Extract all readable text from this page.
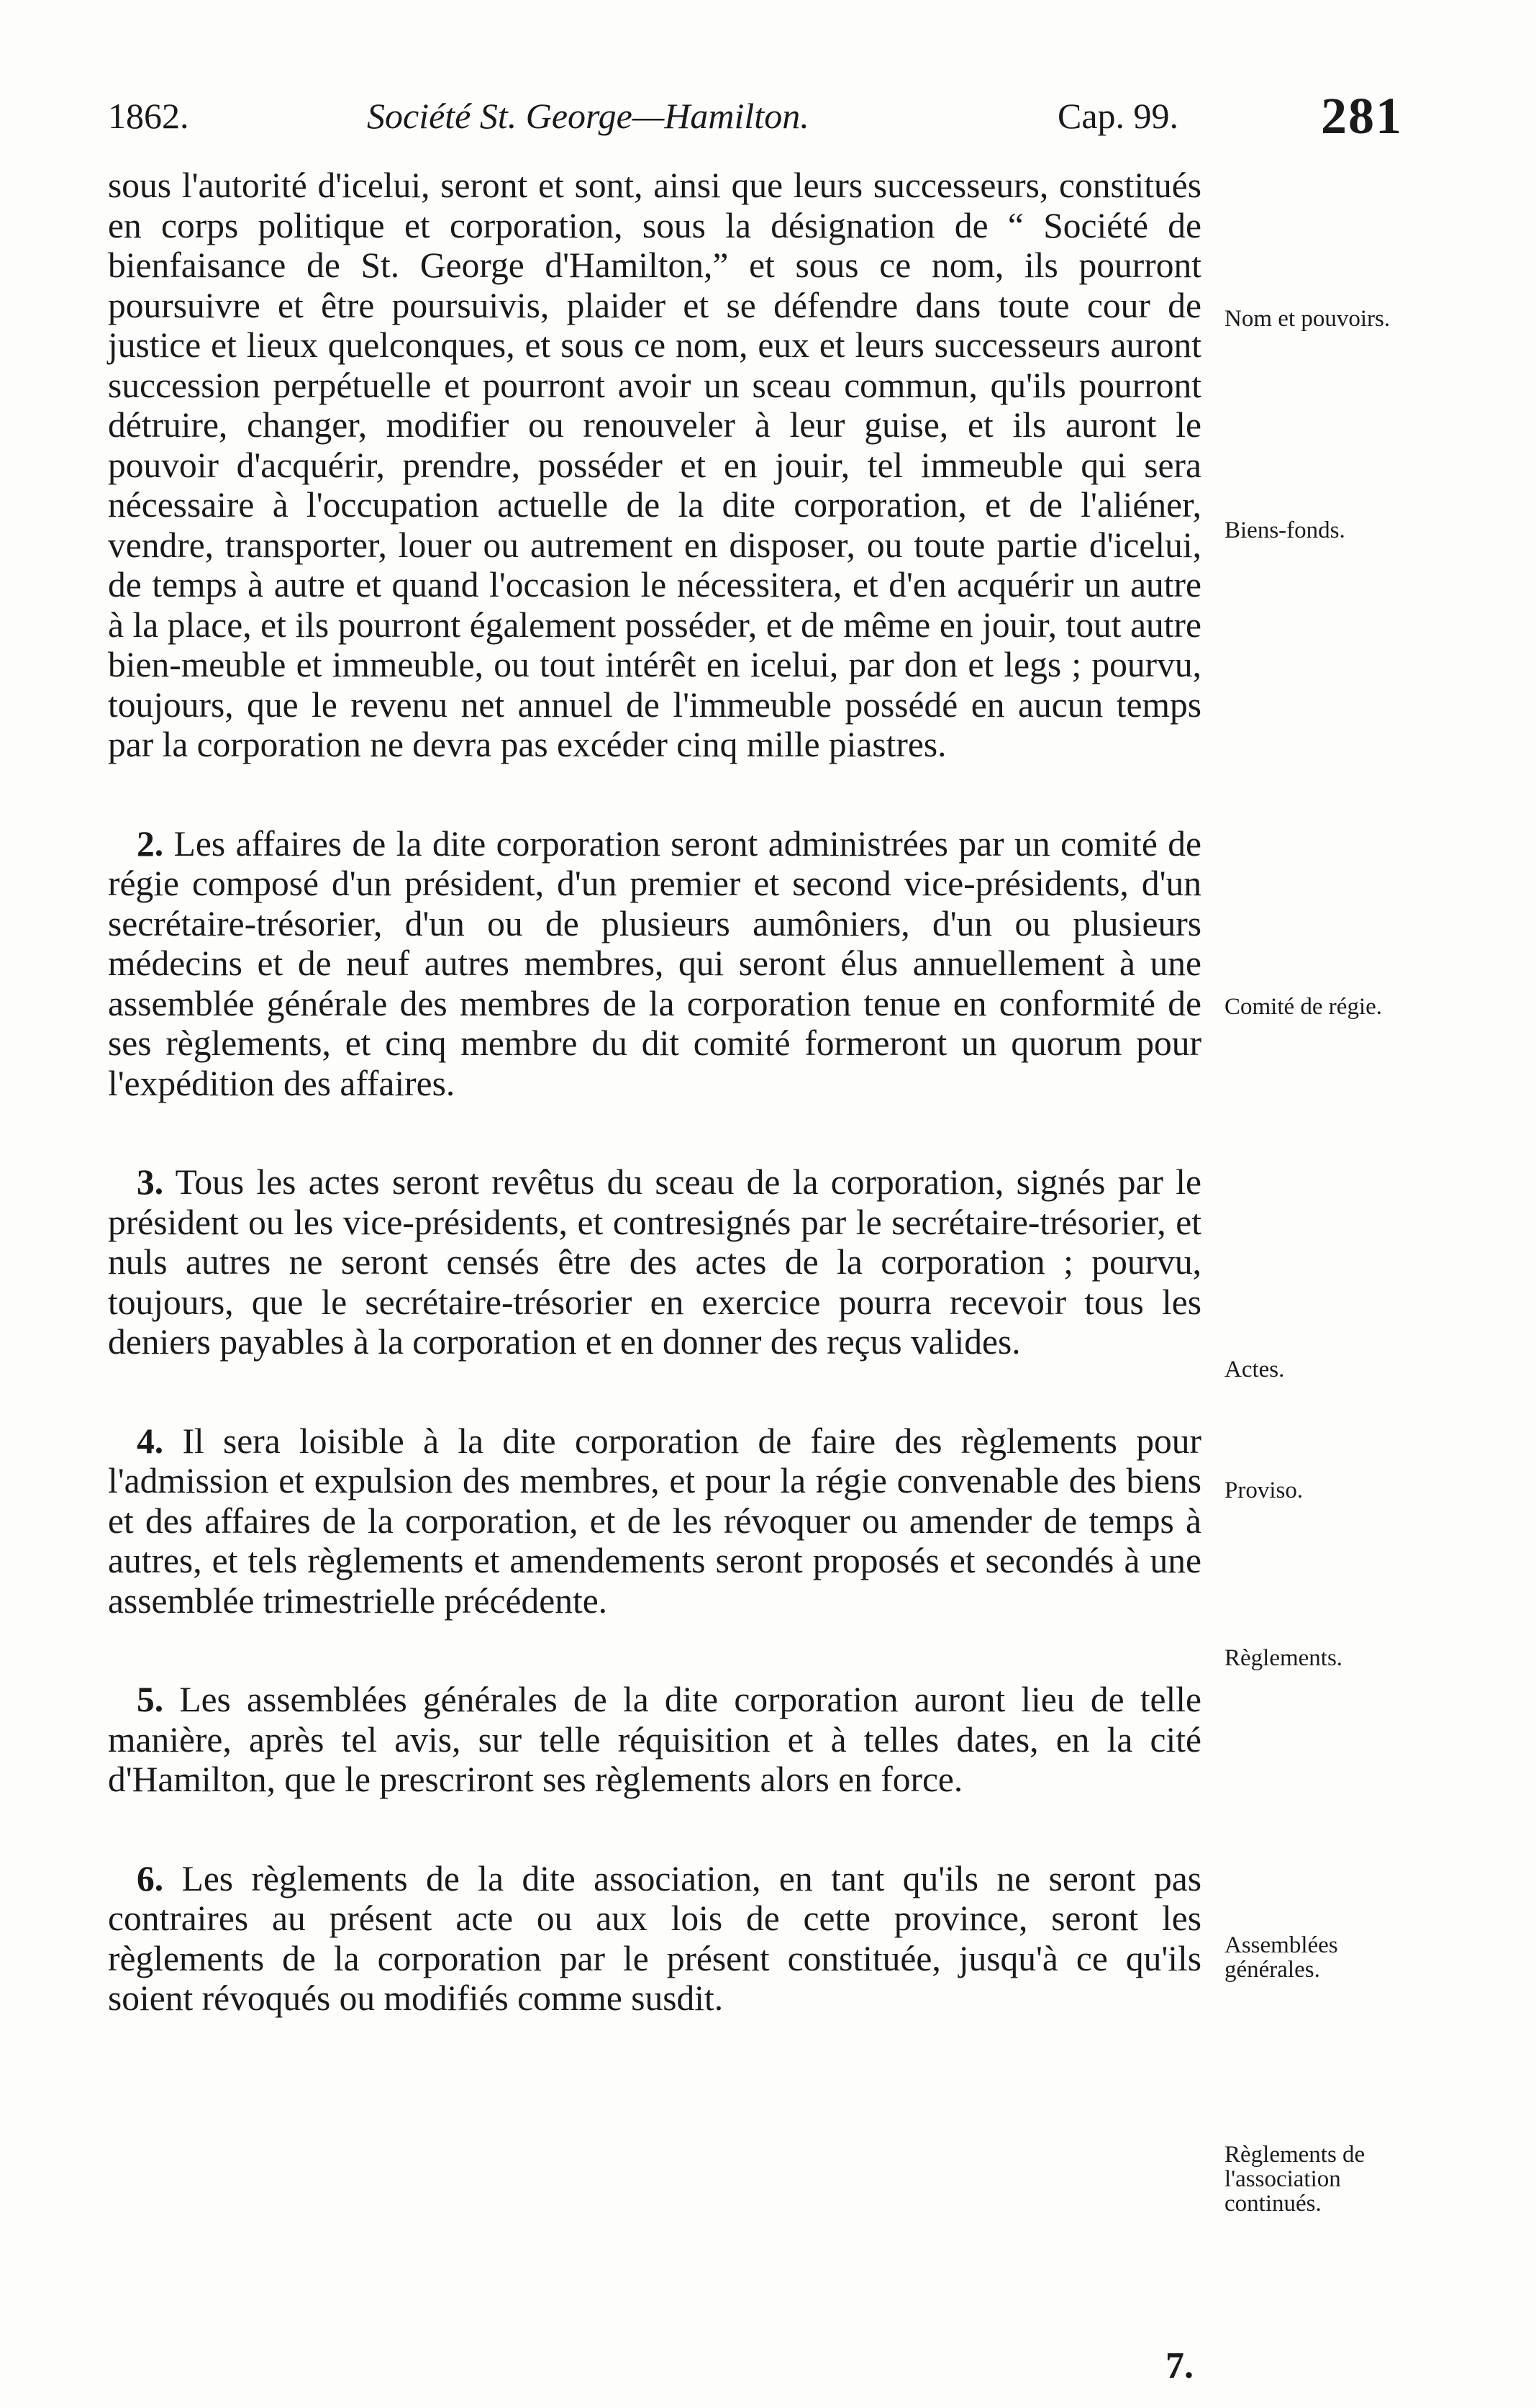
1862.	Société St. George—Hamilton.	Cap. 99.	281

sous l'autorité d'icelui, seront et sont, ainsi que leurs successeurs, constitués en corps politique et corporation, sous la désignation de “ Société de bienfaisance de St. George d'Hamilton,” et sous ce nom, ils pourront poursuivre et être poursuivis, plaider et se défendre dans toute cour de justice et lieux quelconques, et sous ce nom, eux et leurs successeurs auront succession perpétuelle et pourront avoir un sceau commun, qu'ils pourront détruire, changer, modifier ou renouveler à leur guise, et ils auront le pouvoir d'acquérir, prendre, posséder et en jouir, tel immeuble qui sera nécessaire à l'occupation actuelle de la dite corporation, et de l'aliéner, vendre, transporter, louer ou autrement en disposer, ou toute partie d'icelui, de temps à autre et quand l'occasion le nécessitera, et d'en acquérir un autre à la place, et ils pourront également posséder, et de même en jouir, tout autre bien-meuble et immeuble, ou tout intérêt en icelui, par don et legs ; pourvu, toujours, que le revenu net annuel de l'immeuble possédé en aucun temps par la corporation ne devra pas excéder cinq mille piastres.

2. Les affaires de la dite corporation seront administrées par un comité de régie composé d'un président, d'un premier et second vice-présidents, d'un secrétaire-trésorier, d'un ou de plusieurs aumôniers, d'un ou plusieurs médecins et de neuf autres membres, qui seront élus annuellement à une assemblée générale des membres de la corporation tenue en conformité de ses règlements, et cinq membre du dit comité formeront un quorum pour l'expédition des affaires.

3. Tous les actes seront revêtus du sceau de la corporation, signés par le président ou les vice-présidents, et contresignés par le secrétaire-trésorier, et nuls autres ne seront censés être des actes de la corporation ; pourvu, toujours, que le secrétaire-trésorier en exercice pourra recevoir tous les deniers payables à la corporation et en donner des reçus valides.

4. Il sera loisible à la dite corporation de faire des règlements pour l'admission et expulsion des membres, et pour la régie convenable des biens et des affaires de la corporation, et de les révoquer ou amender de temps à autres, et tels règlements et amendements seront proposés et secondés à une assemblée trimestrielle précédente.

5. Les assemblées générales de la dite corporation auront lieu de telle manière, après tel avis, sur telle réquisition et à telles dates, en la cité d'Hamilton, que le prescriront ses règlements alors en force.

6. Les règlements de la dite association, en tant qu'ils ne seront pas contraires au présent acte ou aux lois de cette province, seront les règlements de la corporation par le présent constituée, jusqu'à ce qu'ils soient révoqués ou modifiés comme susdit.

Nom et pouvoirs.
Biens-fonds.
Comité de régie.
Actes.
Proviso.
Règlements.
Assemblées générales.
Règlements de l'association continués.
7.
